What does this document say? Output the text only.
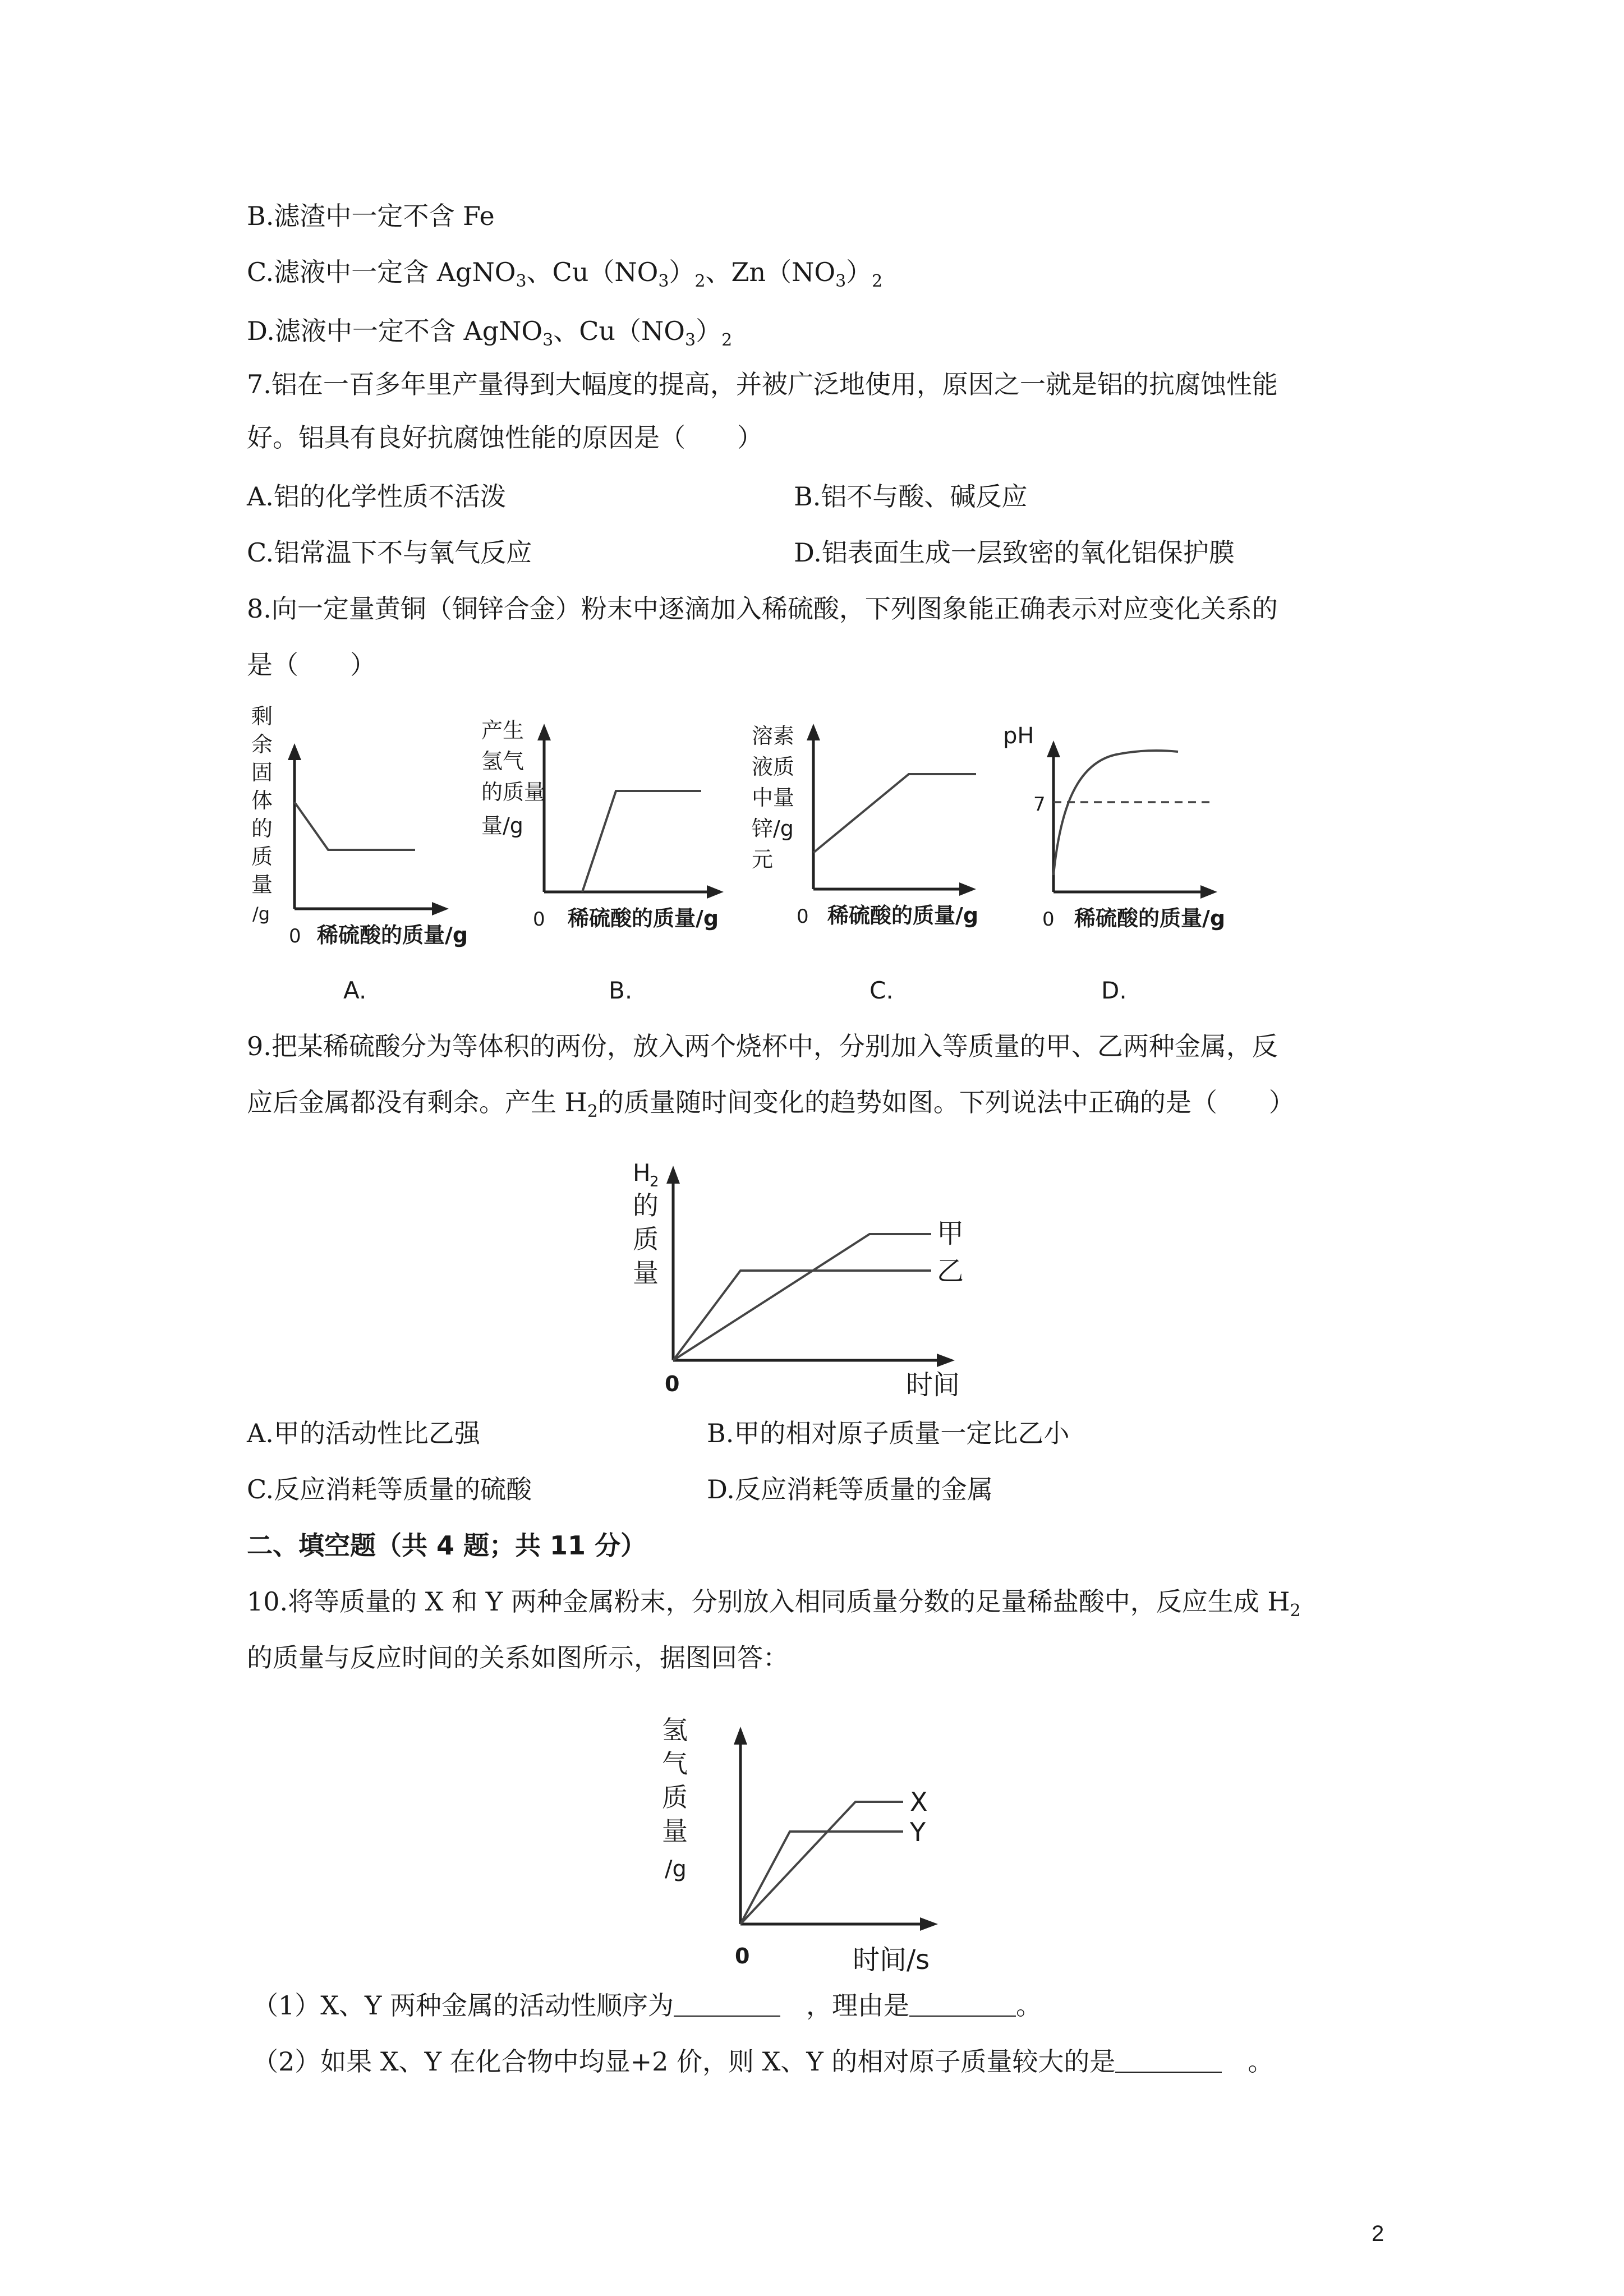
B.滤渣中一定不含 Fe
C.滤液中一定含 AgNO$_3$、$Cu(NO_3)_2$、$Zn(NO_3)_2$
D.滤液中一定不含 AgNO$_3$、$Cu(NO_3)_2$
7.铝在一百多年里产量得到大幅度的提高，并被广泛地使用，原因之一就是铝的抗腐蚀性能
好。铝具有良好抗腐蚀性能的原因是（　　）
A.铝的化学性质不活泼	B.铝不与酸、碱反应
C.铝常温下不与氧气反应	D.铝表面生成一层致密的氧化铝保护膜
8.向一定量黄铜（铜锌合金）粉末中逐滴加入稀硫酸，下列图象能正确表示对应变化关系的
是（　　）
剩
余
固
体
的
质
量
/g
0 稀硫酸的质量/g
A.
产生
氢气
的质量
量/g
0 稀硫酸的质量/g
B.
溶素
液质
中量
锌/g
元
0 稀硫酸的质量/g
C.
pH
7
0 稀硫酸的质量/g
D.
9.把某稀硫酸分为等体积的两份，放入两个烧杯中，分别加入等质量的甲、乙两种金属，反
应后金属都没有剩余。产生 $H_2$的质量随时间变化的趋势如图。下列说法中正确的是（　　）
H
2
的
质
量
0	时间
甲
乙
A.甲的活动性比乙强	B.甲的相对原子质量一定比乙小
C.反应消耗等质量的硫酸	D.反应消耗等质量的金属
二、填空题（共 4 题；共 11 分）
10.将等质量的 X 和 Y 两种金属粉末，分别放入相同质量分数的足量稀盐酸中，反应生成 $H_2$
的质量与反应时间的关系如图所示，据图回答：
氢
气
质
量
/g
0	时间/s
X
Y
（1）X、Y 两种金属的活动性顺序为	　，理由是	。
（2）如果 X、Y 在化合物中均显+2 价，则 X、Y 的相对原子质量较大的是	　。
2
